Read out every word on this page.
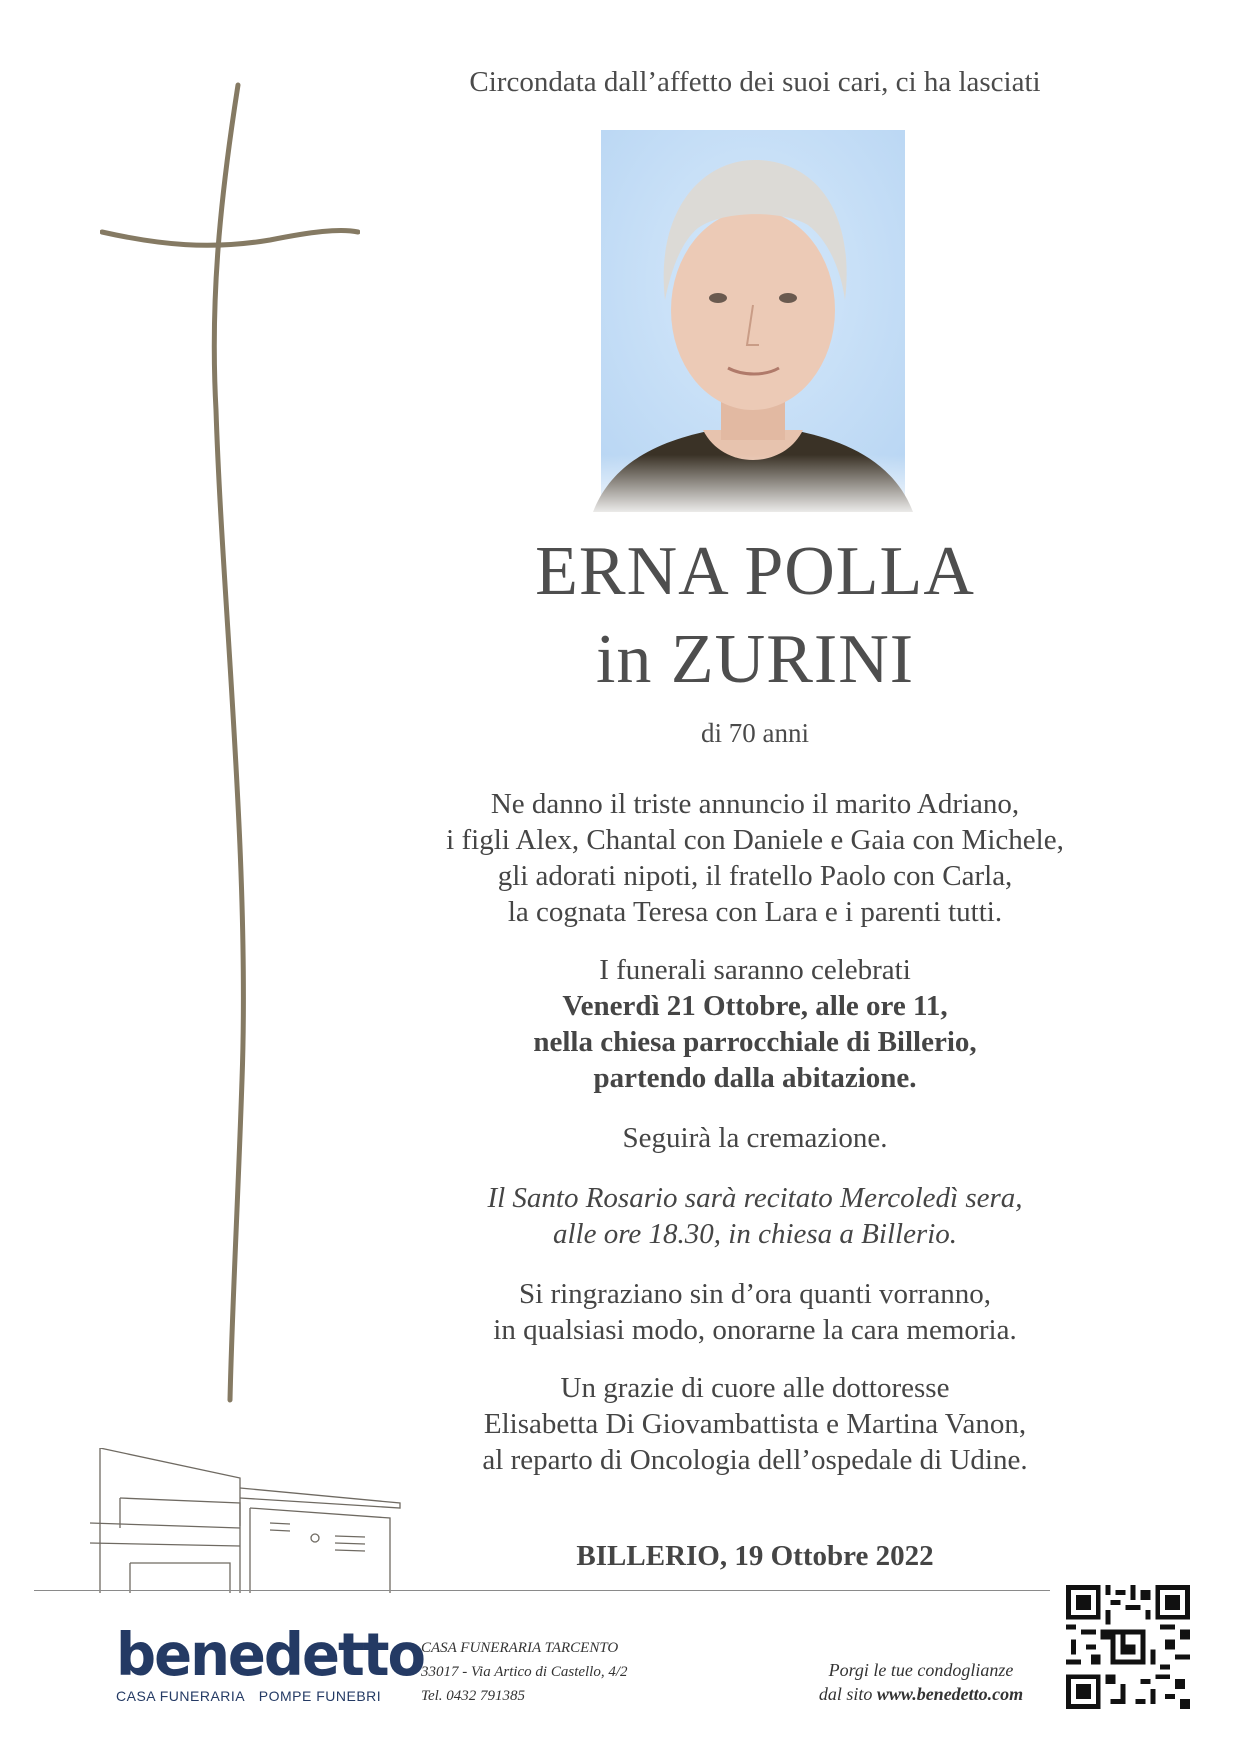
Circondata dall’affetto dei suoi cari, ci ha lasciati
ERNA POLLA
in ZURINI
di 70 anni
Ne danno il triste annuncio il marito Adriano,
i figli Alex, Chantal con Daniele e Gaia con Michele,
gli adorati nipoti, il fratello Paolo con Carla,
la cognata Teresa con Lara e i parenti tutti.
I funerali saranno celebrati
Venerdì 21 Ottobre, alle ore 11,
nella chiesa parrocchiale di Billerio,
partendo dalla abitazione.
Seguirà la cremazione.
Il Santo Rosario sarà recitato Mercoledì sera,
alle ore 18.30, in chiesa a Billerio.
Si ringraziano sin d’ora quanti vorranno,
in qualsiasi modo, onorarne la cara memoria.
Un grazie di cuore alle dottoresse
Elisabetta Di Giovambattista e Martina Vanon,
al reparto di Oncologia dell’ospedale di Udine.
BILLERIO, 19 Ottobre 2022
benedetto
CASA FUNERARIA POMPE FUNEBRI
CASA FUNERARIA TARCENTO
33017 - Via Artico di Castello, 4/2
Tel. 0432 791385
Porgi le tue condoglianze
dal sito www.benedetto.com
